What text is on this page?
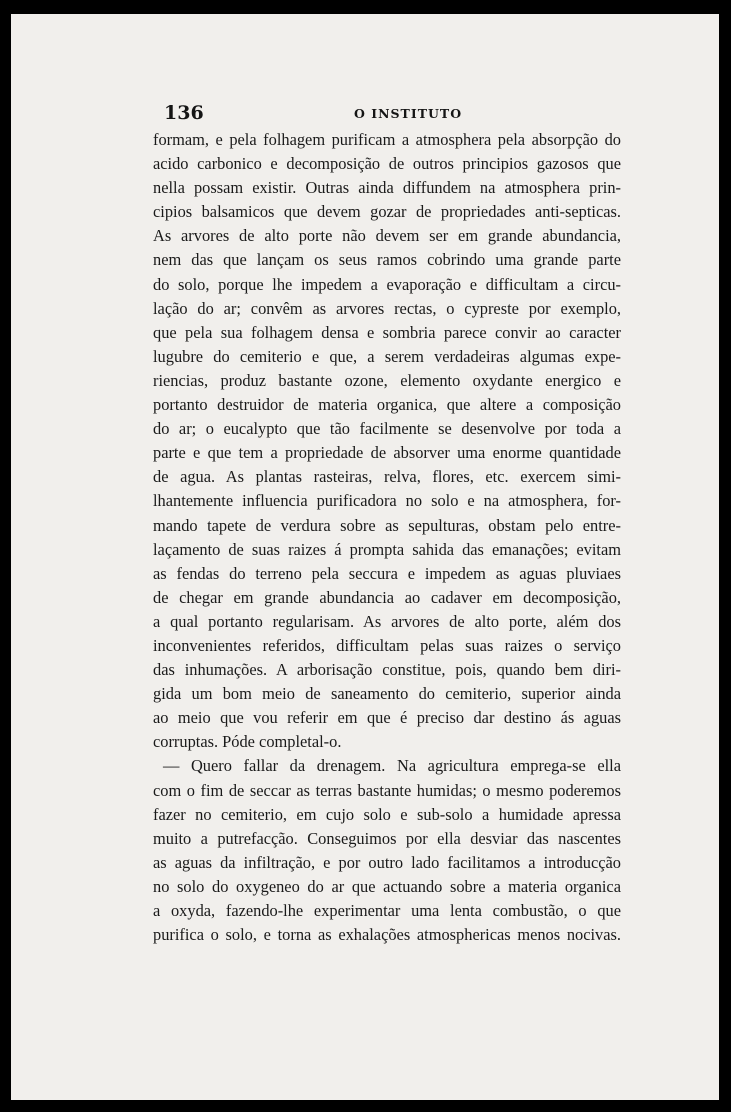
136	O INSTITUTO
formam, e pela folhagem purificam a atmosphera pela absorpção do
acido carbonico e decomposição de outros principios gazosos que
nella possam existir. Outras ainda diffundem na atmosphera prin-
cipios balsamicos que devem gozar de propriedades anti-septicas.
As arvores de alto porte não devem ser em grande abundancia,
nem das que lançam os seus ramos cobrindo uma grande parte
do solo, porque lhe impedem a evaporação e difficultam a circu-
lação do ar; convêm as arvores rectas, o cypreste por exemplo,
que pela sua folhagem densa e sombria parece convir ao caracter
lugubre do cemiterio e que, a serem verdadeiras algumas expe-
riencias, produz bastante ozone, elemento oxydante energico e
portanto destruidor de materia organica, que altere a composição
do ar; o eucalypto que tão facilmente se desenvolve por toda a
parte e que tem a propriedade de absorver uma enorme quantidade
de agua. As plantas rasteiras, relva, flores, etc. exercem simi-
lhantemente influencia purificadora no solo e na atmosphera, for-
mando tapete de verdura sobre as sepulturas, obstam pelo entre-
laçamento de suas raizes á prompta sahida das emanações; evitam
as fendas do terreno pela seccura e impedem as aguas pluviaes
de chegar em grande abundancia ao cadaver em decomposição,
a qual portanto regularisam. As arvores de alto porte, além dos
inconvenientes referidos, difficultam pelas suas raizes o serviço
das inhumações. A arborisação constitue, pois, quando bem diri-
gida um bom meio de saneamento do cemiterio, superior ainda
ao meio que vou referir em que é preciso dar destino ás aguas
corruptas. Póde completal-o.
— Quero fallar da drenagem. Na agricultura emprega-se ella
com o fim de seccar as terras bastante humidas; o mesmo poderemos
fazer no cemiterio, em cujo solo e sub-solo a humidade apressa
muito a putrefacção. Conseguimos por ella desviar das nascentes
as aguas da infiltração, e por outro lado facilitamos a introducção
no solo do oxygeneo do ar que actuando sobre a materia organica
a oxyda, fazendo-lhe experimentar uma lenta combustão, o que
purifica o solo, e torna as exhalações atmosphericas menos nocivas.
